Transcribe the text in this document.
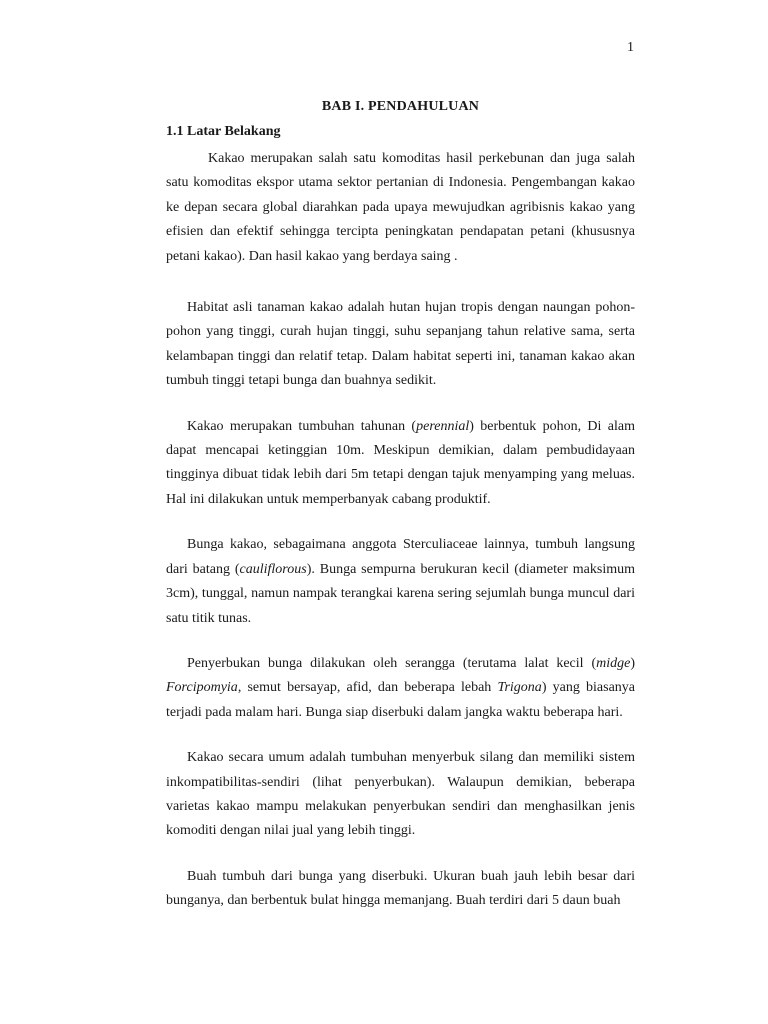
1
BAB I. PENDAHULUAN
1.1 Latar Belakang

Kakao merupakan salah satu komoditas hasil perkebunan dan juga salah satu komoditas ekspor utama sektor pertanian di Indonesia. Pengembangan kakao ke depan secara global diarahkan pada upaya mewujudkan agribisnis kakao yang efisien dan efektif sehingga tercipta peningkatan pendapatan petani (khususnya petani kakao). Dan hasil kakao yang berdaya saing .

Habitat asli tanaman kakao adalah hutan hujan tropis dengan naungan pohon-pohon yang tinggi, curah hujan tinggi, suhu sepanjang tahun relative sama, serta kelambapan tinggi dan relatif tetap. Dalam habitat seperti ini, tanaman kakao akan tumbuh tinggi tetapi bunga dan buahnya sedikit.

Kakao merupakan tumbuhan tahunan (perennial) berbentuk pohon, Di alam dapat mencapai ketinggian 10m. Meskipun demikian, dalam pembudidayaan tingginya dibuat tidak lebih dari 5m tetapi dengan tajuk menyamping yang meluas. Hal ini dilakukan untuk memperbanyak cabang produktif.

Bunga kakao, sebagaimana anggota Sterculiaceae lainnya, tumbuh langsung dari batang (cauliflorous). Bunga sempurna berukuran kecil (diameter maksimum 3cm), tunggal, namun nampak terangkai karena sering sejumlah bunga muncul dari satu titik tunas.

Penyerbukan bunga dilakukan oleh serangga (terutama lalat kecil (midge) Forcipomyia, semut bersayap, afid, dan beberapa lebah Trigona) yang biasanya terjadi pada malam hari. Bunga siap diserbuki dalam jangka waktu beberapa hari.

Kakao secara umum adalah tumbuhan menyerbuk silang dan memiliki sistem inkompatibilitas-sendiri (lihat penyerbukan). Walaupun demikian, beberapa varietas kakao mampu melakukan penyerbukan sendiri dan menghasilkan jenis komoditi dengan nilai jual yang lebih tinggi.

Buah tumbuh dari bunga yang diserbuki. Ukuran buah jauh lebih besar dari bunganya, dan berbentuk bulat hingga memanjang. Buah terdiri dari 5 daun buah
